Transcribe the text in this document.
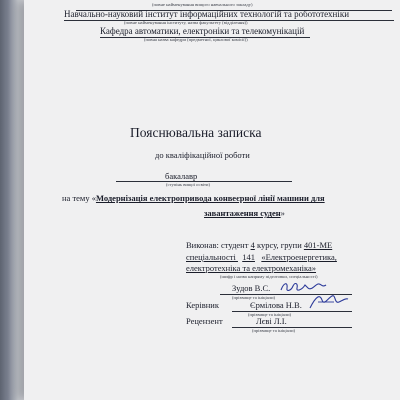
(повне найменування вищого навчального закладу)
Навчально-науковий інститут інформаційних технологій та робототехніки
(повне найменування інституту, назва факультету (відділення))
Кафедра автоматики, електроніки та телекомунікацій
(повна назва кафедри (предметної, циклової комісії))
Пояснювальна записка
до кваліфікаційної роботи
бакалавр
(ступінь вищої освіти)
на тему «Модернізація електропривода конвеєрної лінії машини для
завантаження суден»
Виконав: студент 4 курсу, групи 401-МЕ
спеціальності   141 «Електроенергетика,
електротехніка та електромеханіка»
(шифр і назва напряму підготовки, спеціальності)
Зудов В.С.
(прізвище та ініціали)
Керівник	Єрмілова Н.В.
(прізвище та ініціали)
Рецензент	Лєві Л.І.
(прізвище та ініціали)
